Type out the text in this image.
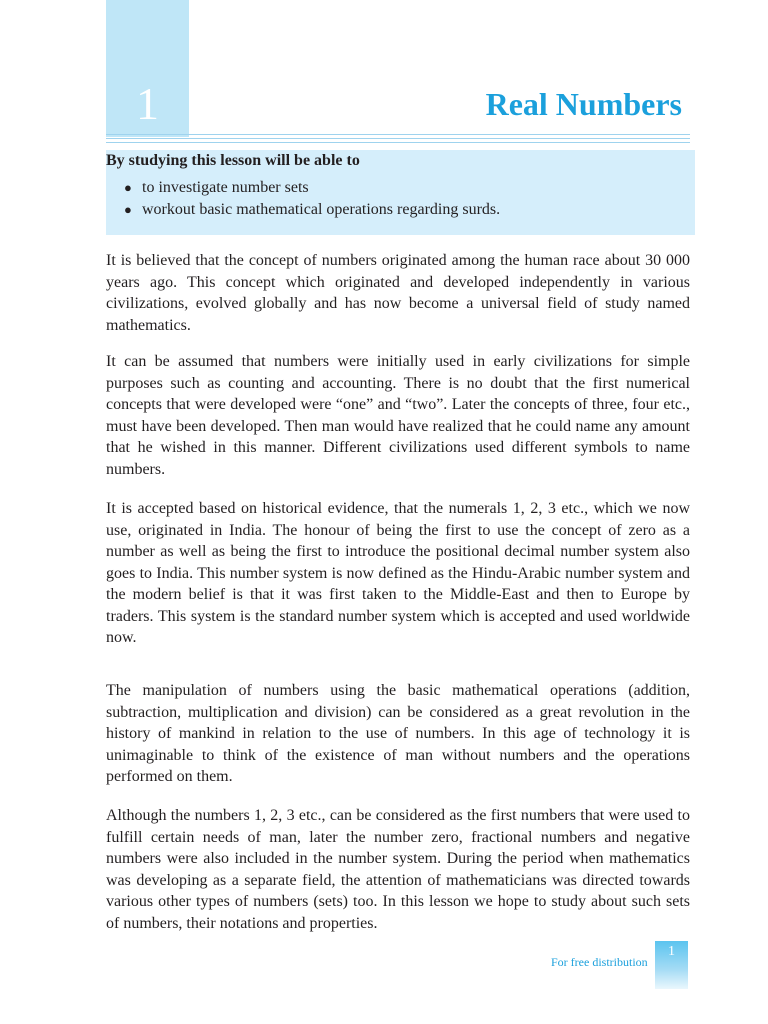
1	Real Numbers
By studying this lesson will be able to
● to investigate number sets
● workout basic mathematical operations regarding surds.

It is believed that the concept of numbers originated among the human race about 30 000 years ago. This concept which originated and developed independently in various civilizations, evolved globally and has now become a universal field of study named mathematics.

It can be assumed that numbers were initially used in early civilizations for simple purposes such as counting and accounting. There is no doubt that the first numerical concepts that were developed were “one” and “two”. Later the concepts of three, four etc., must have been developed. Then man would have realized that he could name any amount that he wished in this manner. Different civilizations used different symbols to name numbers.

It is accepted based on historical evidence, that the numerals 1, 2, 3 etc., which we now use, originated in India. The honour of being the first to use the concept of zero as a number as well as being the first to introduce the positional decimal number system also goes to India. This number system is now defined as the Hindu-Arabic number system and the modern belief is that it was first taken to the Middle-East and then to Europe by traders. This system is the standard number system which is accepted and used worldwide now.

The manipulation of numbers using the basic mathematical operations (addition, subtraction, multiplication and division) can be considered as a great revolution in the history of mankind in relation to the use of numbers. In this age of technology it is unimaginable to think of the existence of man without numbers and the operations performed on them.

Although the numbers 1, 2, 3 etc., can be considered as the first numbers that were used to fulfill certain needs of man, later the number zero, fractional numbers and negative numbers were also included in the number system. During the period when mathematics was developing as a separate field, the attention of mathematicians was directed towards various other types of numbers (sets) too. In this lesson we hope to study about such sets of numbers, their notations and properties.

For free distribution
1
